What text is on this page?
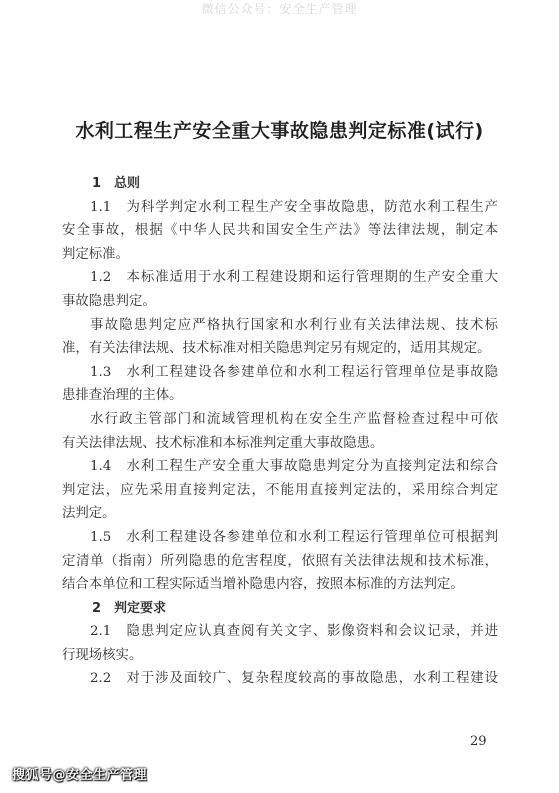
微信公众号：安全生产管理
水利工程生产安全重大事故隐患判定标准(试行)
1　总则
1.1　为科学判定水利工程生产安全事故隐患，防范水利工程生产
安全事故，根据《中华人民共和国安全生产法》等法律法规，制定本
判定标准。
1.2　本标准适用于水利工程建设期和运行管理期的生产安全重大
事故隐患判定。
事故隐患判定应严格执行国家和水利行业有关法律法规、技术标
准，有关法律法规、技术标准对相关隐患判定另有规定的，适用其规定。
1.3　水利工程建设各参建单位和水利工程运行管理单位是事故隐
患排查治理的主体。
水行政主管部门和流域管理机构在安全生产监督检查过程中可依
有关法律法规、技术标准和本标准判定重大事故隐患。
1.4　水利工程生产安全重大事故隐患判定分为直接判定法和综合
判定法，应先采用直接判定法，不能用直接判定法的，采用综合判定
法判定。
1.5　水利工程建设各参建单位和水利工程运行管理单位可根据判
定清单（指南）所列隐患的危害程度，依照有关法律法规和技术标准，
结合本单位和工程实际适当增补隐患内容，按照本标准的方法判定。
2　判定要求
2.1　隐患判定应认真查阅有关文字、影像资料和会议记录，并进
行现场核实。
2.2　对于涉及面较广、复杂程度较高的事故隐患，水利工程建设
29
搜狐号@安全生产管理
